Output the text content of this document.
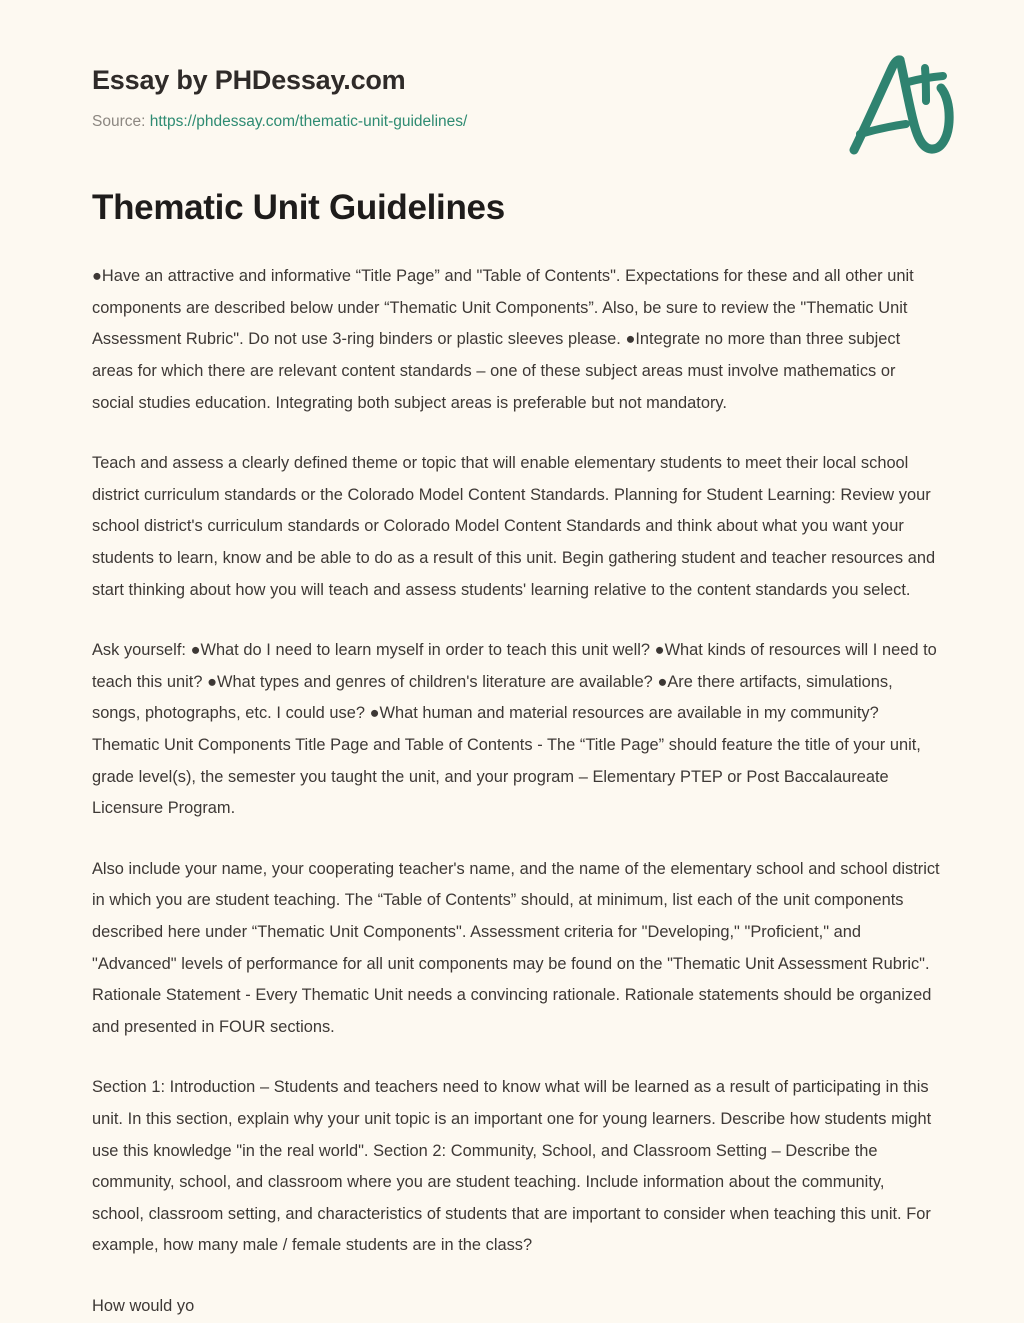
Essay by PHDessay.com
Source: https://phdessay.com/thematic-unit-guidelines/
Thematic Unit Guidelines

●Have an attractive and informative “Title Page” and "Table of Contents". Expectations for these and all other unit components are described below under “Thematic Unit Components”. Also, be sure to review the "Thematic Unit Assessment Rubric". Do not use 3-ring binders or plastic sleeves please. ●Integrate no more than three subject areas for which there are relevant content standards – one of these subject areas must involve mathematics or social studies education. Integrating both subject areas is preferable but not mandatory.

Teach and assess a clearly defined theme or topic that will enable elementary students to meet their local school district curriculum standards or the Colorado Model Content Standards. Planning for Student Learning: Review your school district's curriculum standards or Colorado Model Content Standards and think about what you want your students to learn, know and be able to do as a result of this unit. Begin gathering student and teacher resources and start thinking about how you will teach and assess students' learning relative to the content standards you select.

Ask yourself: ●What do I need to learn myself in order to teach this unit well? ●What kinds of resources will I need to teach this unit? ●What types and genres of children's literature are available? ●Are there artifacts, simulations, songs, photographs, etc. I could use? ●What human and material resources are available in my community? Thematic Unit Components Title Page and Table of Contents - The “Title Page” should feature the title of your unit, grade level(s), the semester you taught the unit, and your program – Elementary PTEP or Post Baccalaureate Licensure Program.

Also include your name, your cooperating teacher's name, and the name of the elementary school and school district in which you are student teaching. The “Table of Contents” should, at minimum, list each of the unit components described here under “Thematic Unit Components". Assessment criteria for "Developing," "Proficient," and "Advanced" levels of performance for all unit components may be found on the "Thematic Unit Assessment Rubric". Rationale Statement - Every Thematic Unit needs a convincing rationale. Rationale statements should be organized and presented in FOUR sections.

Section 1: Introduction – Students and teachers need to know what will be learned as a result of participating in this unit. In this section, explain why your unit topic is an important one for young learners. Describe how students might use this knowledge "in the real world". Section 2: Community, School, and Classroom Setting – Describe the community, school, and classroom where you are student teaching. Include information about the community, school, classroom setting, and characteristics of students that are important to consider when teaching this unit. For example, how many male / female students are in the class?

How would yo
